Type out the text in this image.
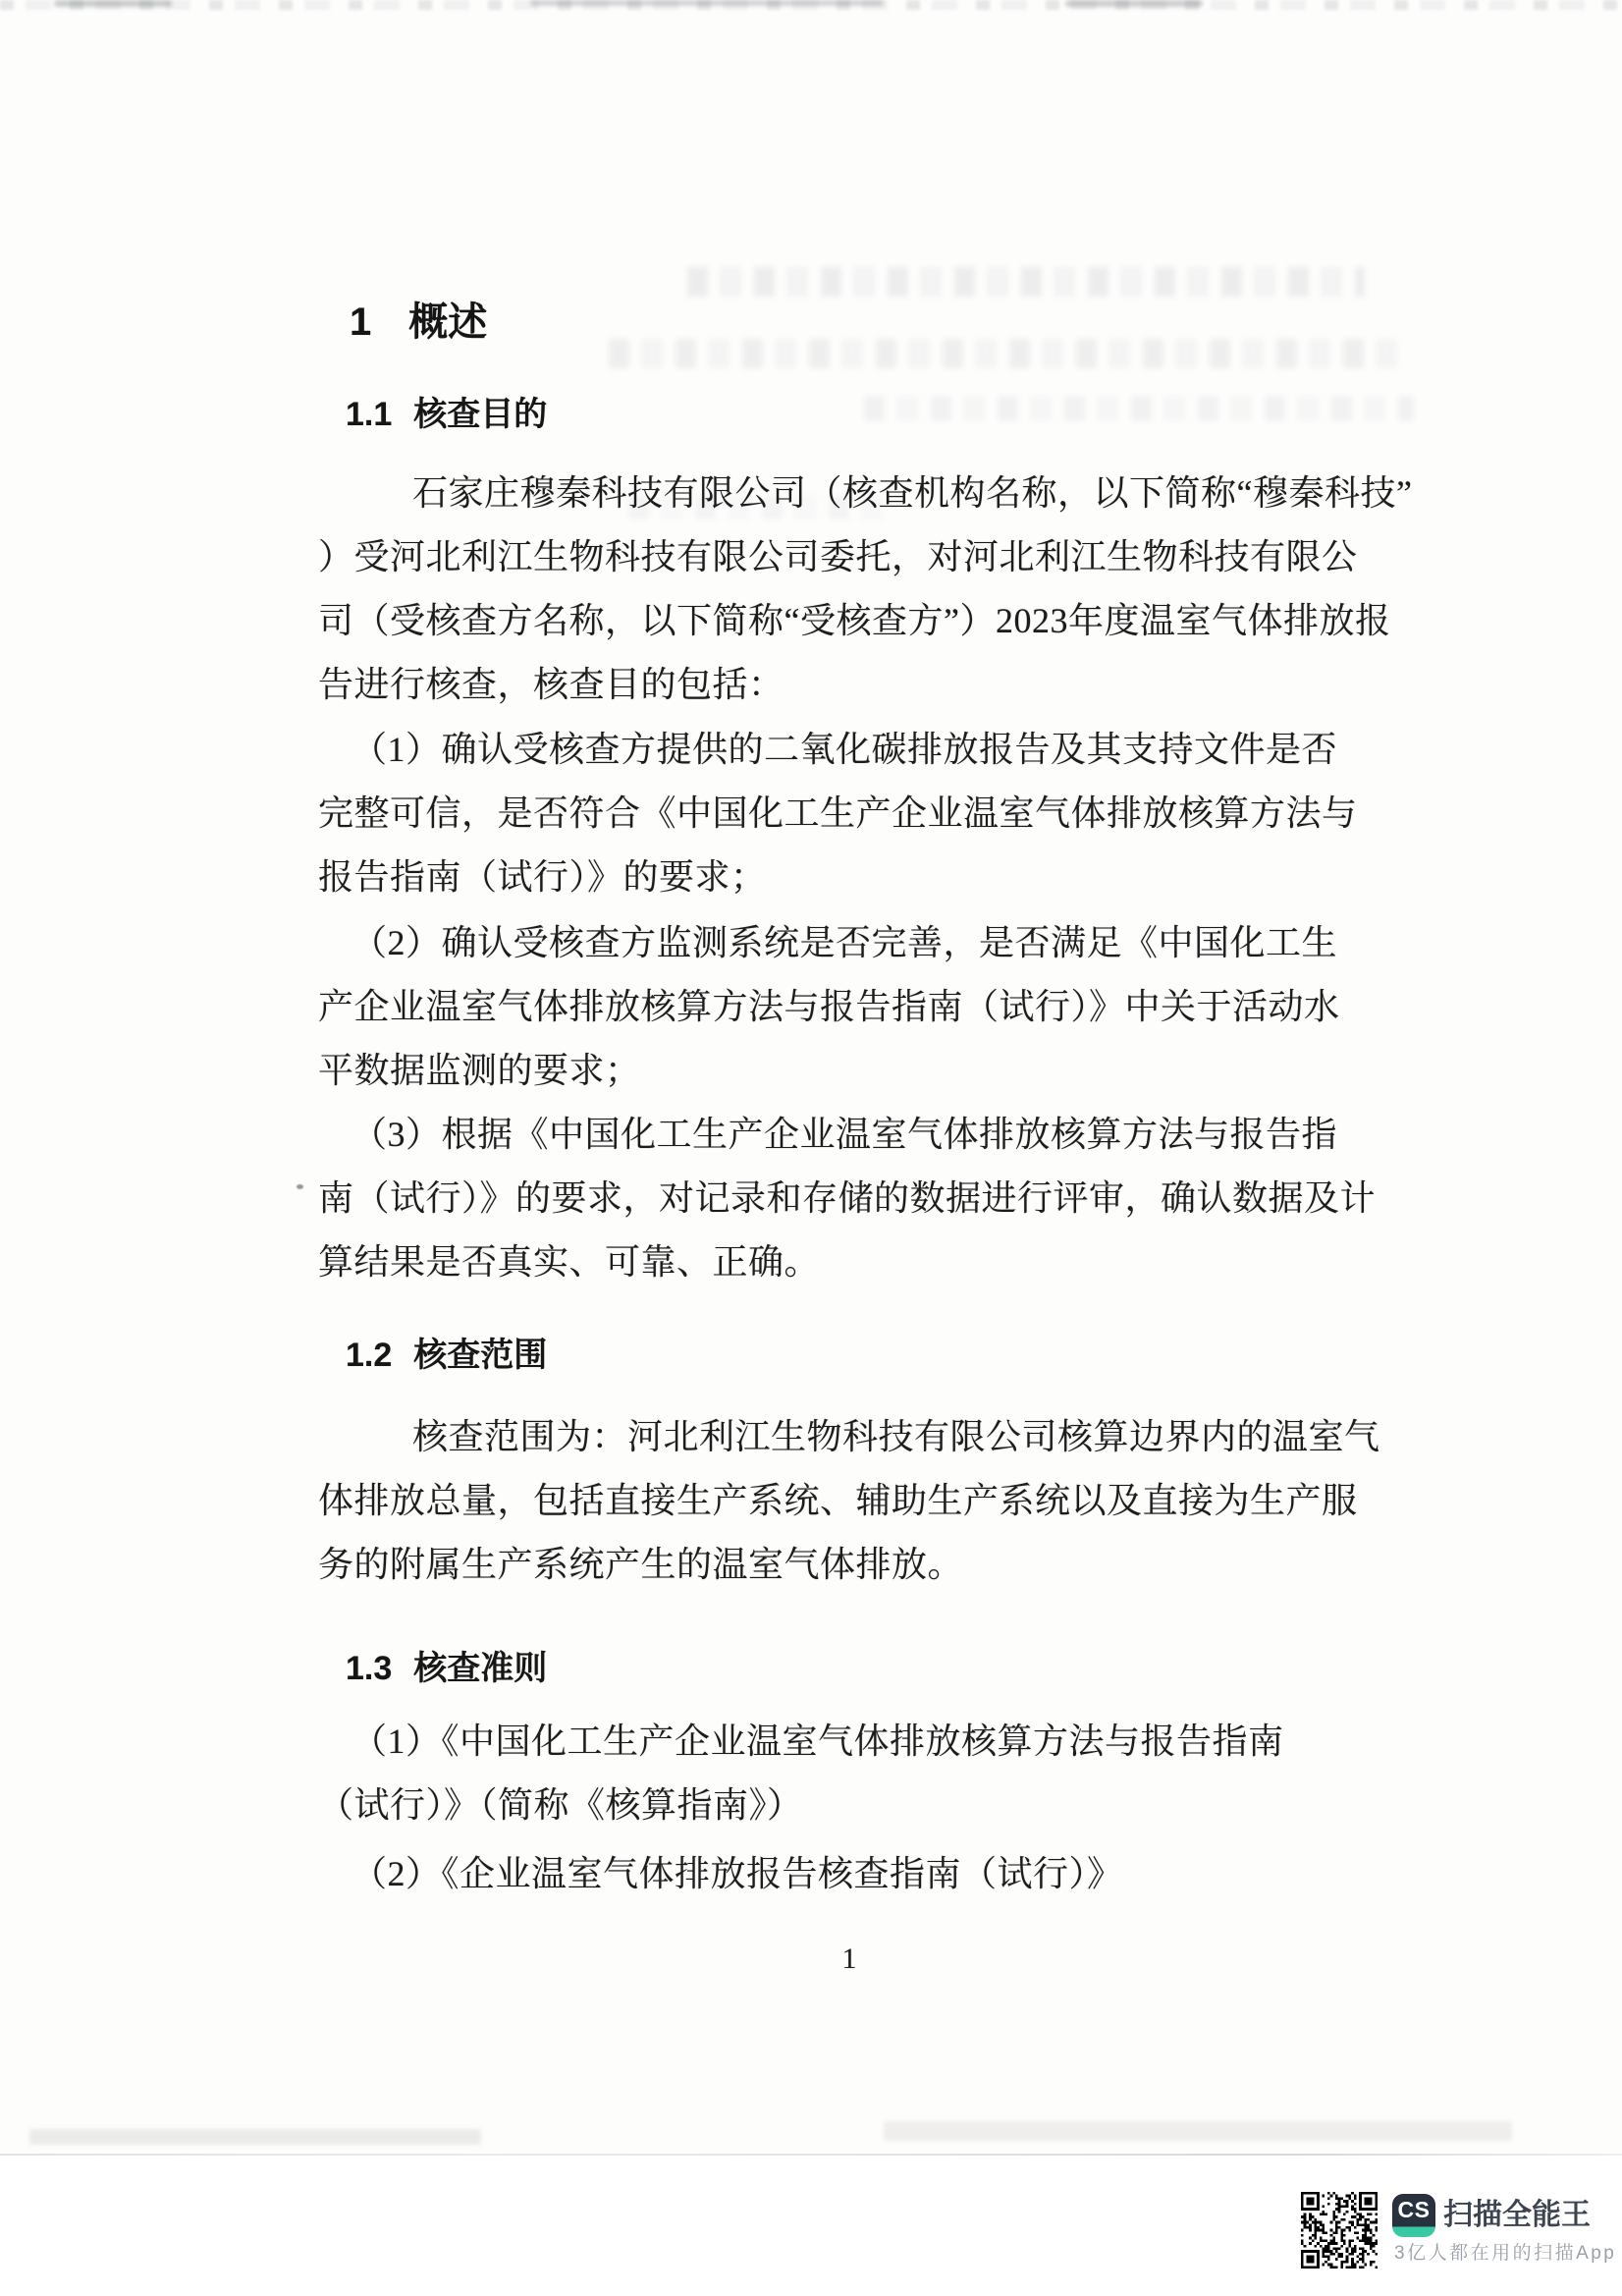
1 概述
1.1 核查目的
石家庄穆秦科技有限公司（核查机构名称，以下简称“穆秦科技”
）受河北利江生物科技有限公司委托，对河北利江生物科技有限公
司（受核查方名称，以下简称“受核查方”）2023年度温室气体排放报
告进行核查，核查目的包括：
（1）确认受核查方提供的二氧化碳排放报告及其支持文件是否
完整可信，是否符合《中国化工生产企业温室气体排放核算方法与
报告指南（试行）》的要求；
（2）确认受核查方监测系统是否完善，是否满足《中国化工生
产企业温室气体排放核算方法与报告指南（试行）》中关于活动水
平数据监测的要求；
（3）根据《中国化工生产企业温室气体排放核算方法与报告指
南（试行）》的要求，对记录和存储的数据进行评审，确认数据及计
算结果是否真实、可靠、正确。
1.2 核查范围
核查范围为：河北利江生物科技有限公司核算边界内的温室气
体排放总量，包括直接生产系统、辅助生产系统以及直接为生产服
务的附属生产系统产生的温室气体排放。
1.3 核查准则
（1）《中国化工生产企业温室气体排放核算方法与报告指南
（试行）》（简称《核算指南》）
（2）《企业温室气体排放报告核查指南（试行）》
1
CS 扫描全能王
3亿人都在用的扫描App
